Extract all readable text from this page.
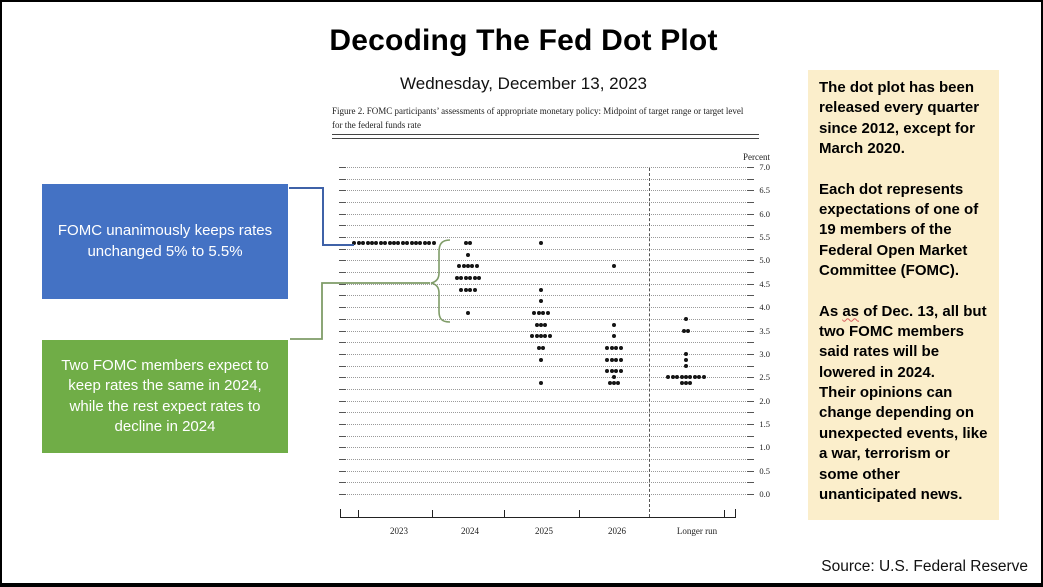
Decoding The Fed Dot Plot
Wednesday, December 13, 2023
Figure 2. FOMC participants’ assessments of appropriate monetary policy: Midpoint of target range or target level for the federal funds rate
0.0
0.5
1.0
1.5
2.0
2.5
3.0
3.5
4.0
4.5
5.0
5.5
6.0
6.5
7.0
Percent
2023	2024	2025	2026	Longer run
FOMC unanimously keeps rates unchanged 5% to 5.5%
Two FOMC members expect to keep rates the same in 2024, while the rest expect rates to decline in 2024

The dot plot has been released every quarter since 2012, except for March 2020.

Each dot represents expectations of one of 19 members of the Federal Open Market Committee (FOMC).

As as of Dec. 13, all but two FOMC members said rates will be lowered in 2024.

Their opinions can change depending on unexpected events, like a war, terrorism or some other unanticipated news.

Source: U.S. Federal Reserve
